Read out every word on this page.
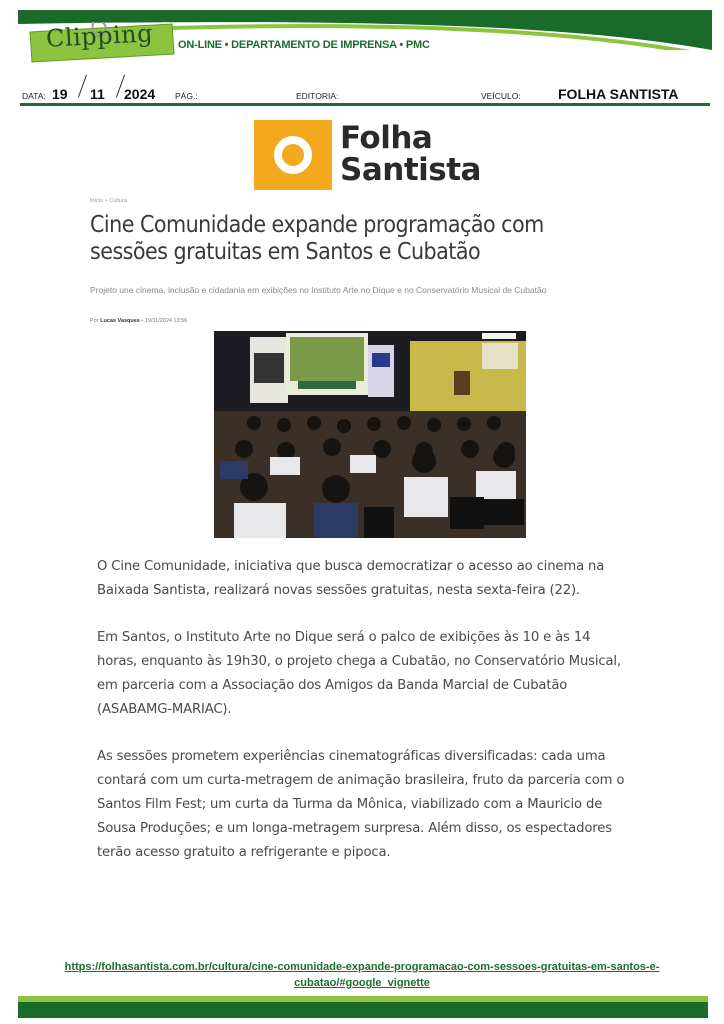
Clipping ON-LINE • DEPARTAMENTO DE IMPRENSA • PMC
DATA: 19 11 2024 PÁG.:	EDITORIA:	VEÍCULO:	FOLHA SANTISTA
Folha
Santista
Início » Cultura
Cine Comunidade expande programação com sessões gratuitas em Santos e Cubatão
Projeto une cinema, inclusão e cidadania em exibições no Instituto Arte no Dique e no Conservatório Musical de Cubatão
Por Lucas Vasques • 19/11/2024 13:56

O Cine Comunidade, iniciativa que busca democratizar o acesso ao cinema na Baixada Santista, realizará novas sessões gratuitas, nesta sexta-feira (22).

Em Santos, o Instituto Arte no Dique será o palco de exibições às 10 e às 14 horas, enquanto às 19h30, o projeto chega a Cubatão, no Conservatório Musical, em parceria com a Associação dos Amigos da Banda Marcial de Cubatão (ASABAMG-MARIAC).

As sessões prometem experiências cinematográficas diversificadas: cada uma contará com um curta-metragem de animação brasileira, fruto da parceria com o Santos Film Fest; um curta da Turma da Mônica, viabilizado com a Mauricio de Sousa Produções; e um longa-metragem surpresa. Além disso, os espectadores terão acesso gratuito a refrigerante e pipoca.

https://folhasantista.com.br/cultura/cine-comunidade-expande-programacao-com-sessoes-gratuitas-em-santos-e-cubatao/#google_vignette
